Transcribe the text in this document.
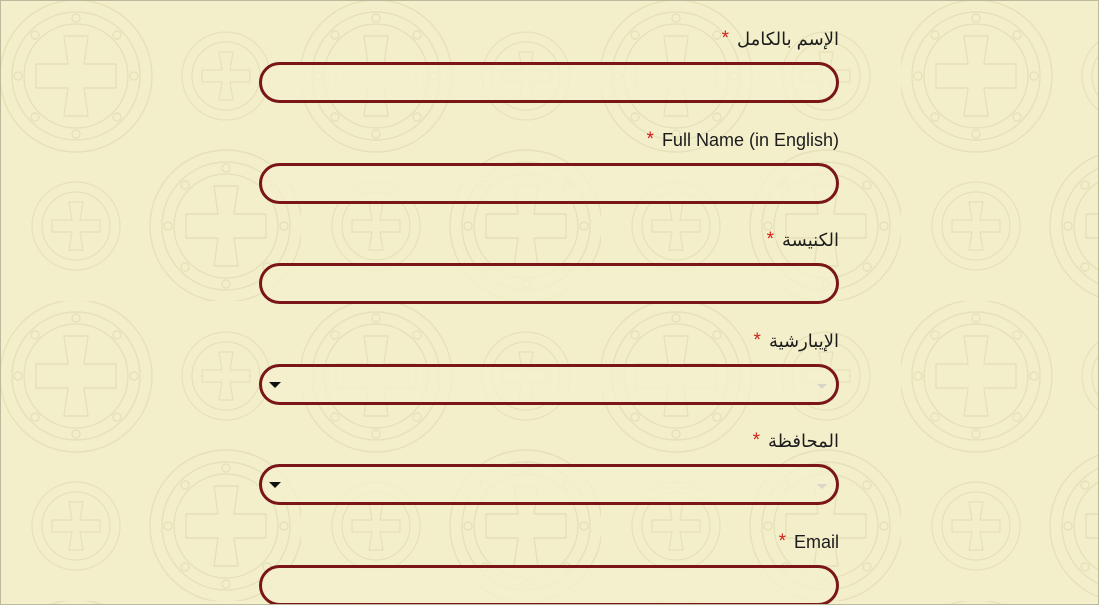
* الإسم بالكامل
* Full Name (in English)
* الكنيسة
* الإيبارشية
* المحافظة
* Email
